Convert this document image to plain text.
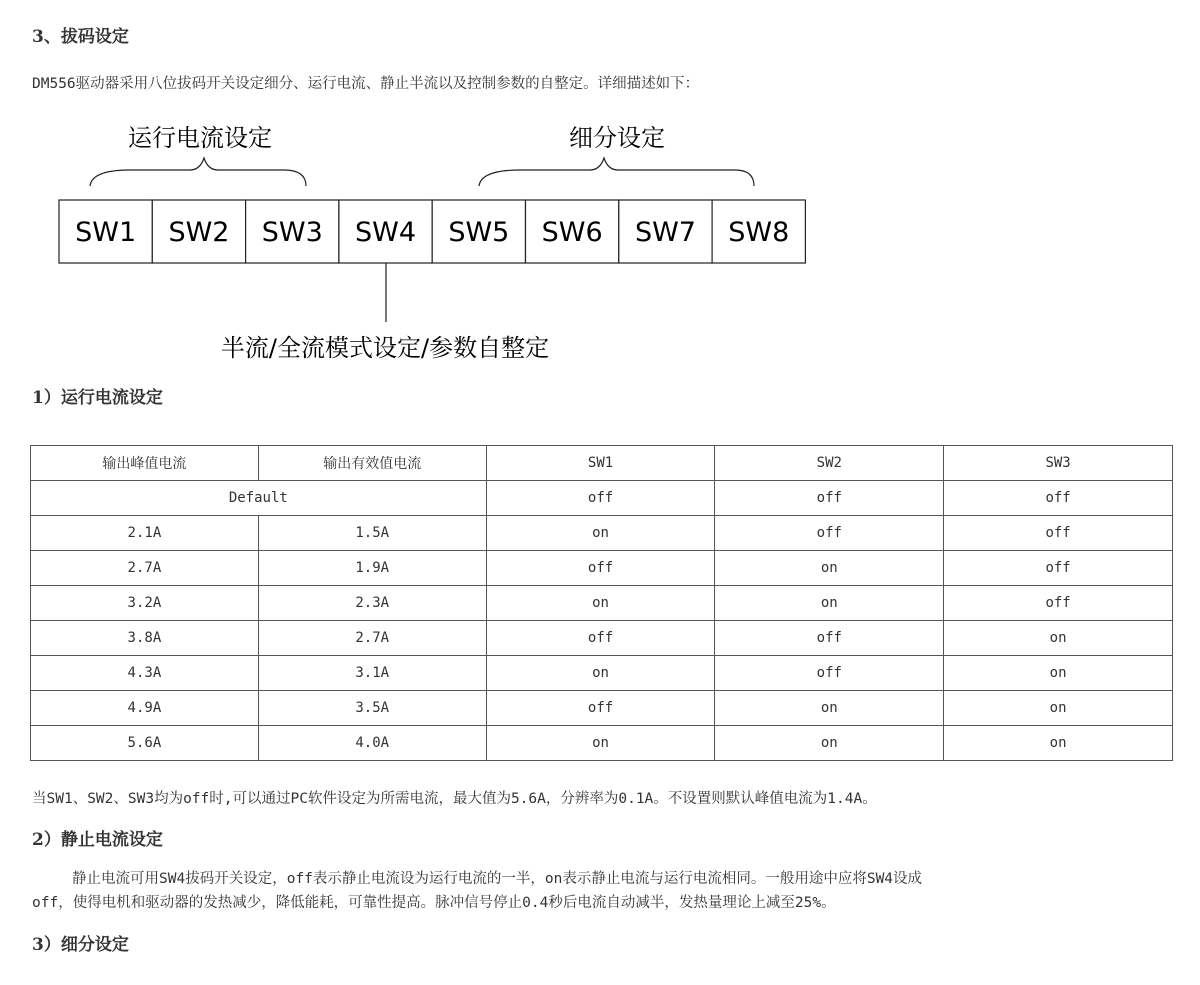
3、拔码设定
DM556驱动器采用八位拔码开关设定细分、运行电流、静止半流以及控制参数的自整定。详细描述如下：
运行电流设定	细分设定
SW1 SW2 SW3 SW4 SW5 SW6 SW7 SW8
半流/全流模式设定/参数自整定
1）运行电流设定
输出峰值电流	输出有效值电流	SW1	SW2	SW3
Default		off	off	off
2.1A	1.5A	on	off	off
2.7A	1.9A	off	on	off
3.2A	2.3A	on	on	off
3.8A	2.7A	off	off	on
4.3A	3.1A	on	off	on
4.9A	3.5A	off	on	on
5.6A	4.0A	on	on	on
当SW1、SW2、SW3均为off时,可以通过PC软件设定为所需电流，最大值为5.6A，分辨率为0.1A。不设置则默认峰值电流为1.4A。
2）静止电流设定
静止电流可用SW4拔码开关设定，off表示静止电流设为运行电流的一半，on表示静止电流与运行电流相同。一般用途中应将SW4设成
off，使得电机和驱动器的发热减少，降低能耗，可靠性提高。脉冲信号停止0.4秒后电流自动减半，发热量理论上减至25%。
3）细分设定
